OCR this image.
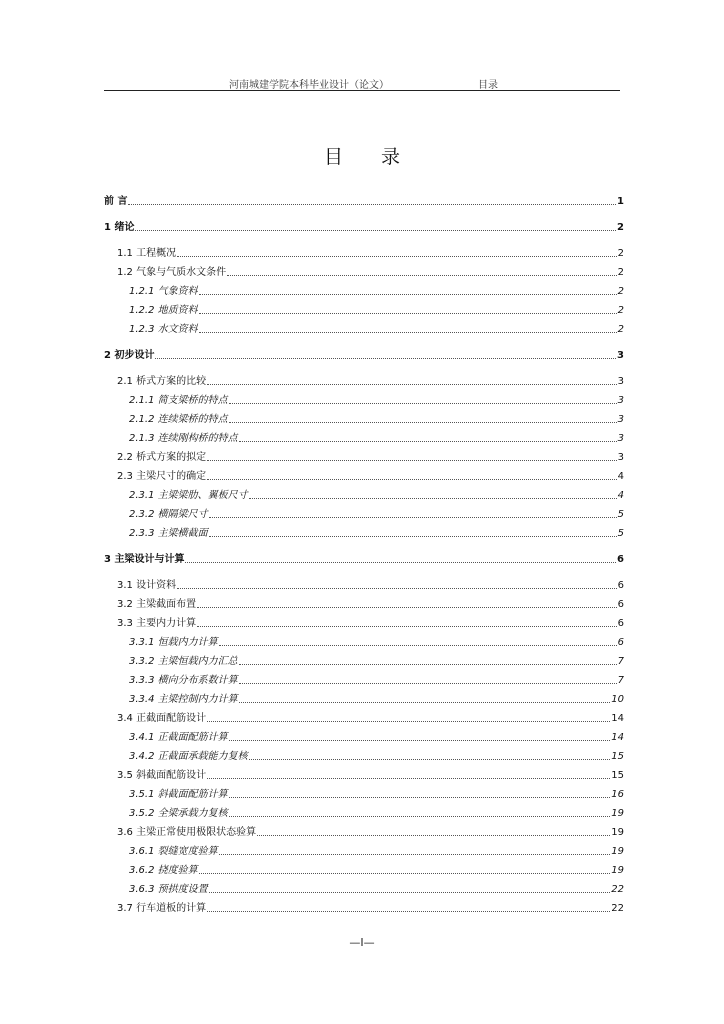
河南城建学院本科毕业设计（论文）	目录
目 录
前 言	1
1 绪论	2
1.1 工程概况	2
1.2 气象与气质水文条件	2
1.2.1 气象资料	2
1.2.2 地质资料	2
1.2.3 水文资料	2
2 初步设计	3
2.1 桥式方案的比较	3
2.1.1 简支梁桥的特点	3
2.1.2 连续梁桥的特点	3
2.1.3 连续刚构桥的特点	3
2.2 桥式方案的拟定	3
2.3 主梁尺寸的确定	4
2.3.1 主梁梁肋、翼板尺寸	4
2.3.2 横隔梁尺寸	5
2.3.3 主梁横截面	5
3 主梁设计与计算	6
3.1 设计资料	6
3.2 主梁截面布置	6
3.3 主要内力计算	6
3.3.1 恒载内力计算	6
3.3.2 主梁恒载内力汇总	7
3.3.3 横向分布系数计算	7
3.3.4 主梁控制内力计算	10
3.4 正截面配筋设计	14
3.4.1 正截面配筋计算	14
3.4.2 正截面承载能力复核	15
3.5 斜截面配筋设计	15
3.5.1 斜截面配筋计算	16
3.5.2 全梁承载力复核	19
3.6 主梁正常使用极限状态验算	19
3.6.1 裂缝宽度验算	19
3.6.2 挠度验算	19
3.6.3 预拱度设置	22
3.7 行车道板的计算	22
—I—
